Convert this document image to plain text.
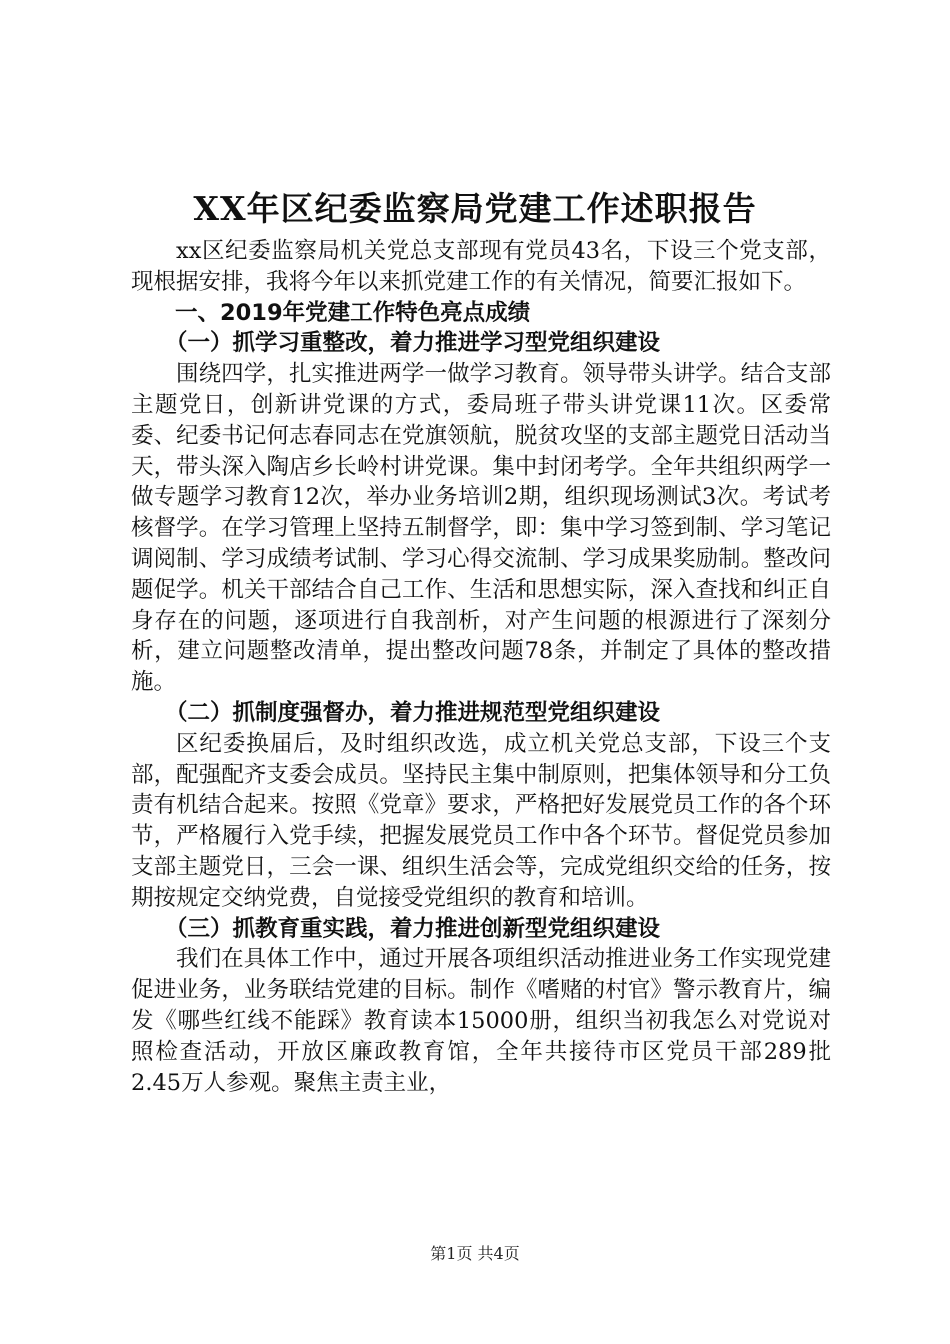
XX年区纪委监察局党建工作述职报告

xx区纪委监察局机关党总支部现有党员43名，下设三个党支部，现根据安排，我将今年以来抓党建工作的有关情况，简要汇报如下。

一、2019年党建工作特色亮点成绩
（一）抓学习重整改，着力推进学习型党组织建设

围绕四学，扎实推进两学一做学习教育。领导带头讲学。结合支部主题党日，创新讲党课的方式，委局班子带头讲党课11次。区委常委、纪委书记何志春同志在党旗领航，脱贫攻坚的支部主题党日活动当天，带头深入陶店乡长岭村讲党课。集中封闭考学。全年共组织两学一做专题学习教育12次，举办业务培训2期，组织现场测试3次。考试考核督学。在学习管理上坚持五制督学，即：集中学习签到制、学习笔记调阅制、学习成绩考试制、学习心得交流制、学习成果奖励制。整改问题促学。机关干部结合自己工作、生活和思想实际，深入查找和纠正自身存在的问题，逐项进行自我剖析，对产生问题的根源进行了深刻分析，建立问题整改清单，提出整改问题78条，并制定了具体的整改措施。

（二）抓制度强督办，着力推进规范型党组织建设

区纪委换届后，及时组织改选，成立机关党总支部，下设三个支部，配强配齐支委会成员。坚持民主集中制原则，把集体领导和分工负责有机结合起来。按照《党章》要求，严格把好发展党员工作的各个环节，严格履行入党手续，把握发展党员工作中各个环节。督促党员参加支部主题党日，三会一课、组织生活会等，完成党组织交给的任务，按期按规定交纳党费，自觉接受党组织的教育和培训。

（三）抓教育重实践，着力推进创新型党组织建设

我们在具体工作中，通过开展各项组织活动推进业务工作实现党建促进业务，业务联结党建的目标。制作《嗜赌的村官》警示教育片，编发《哪些红线不能踩》教育读本15000册，组织当初我怎么对党说对照检查活动，开放区廉政教育馆，全年共接待市区党员干部289批2.45万人参观。聚焦主责主业，

第1页 共4页
